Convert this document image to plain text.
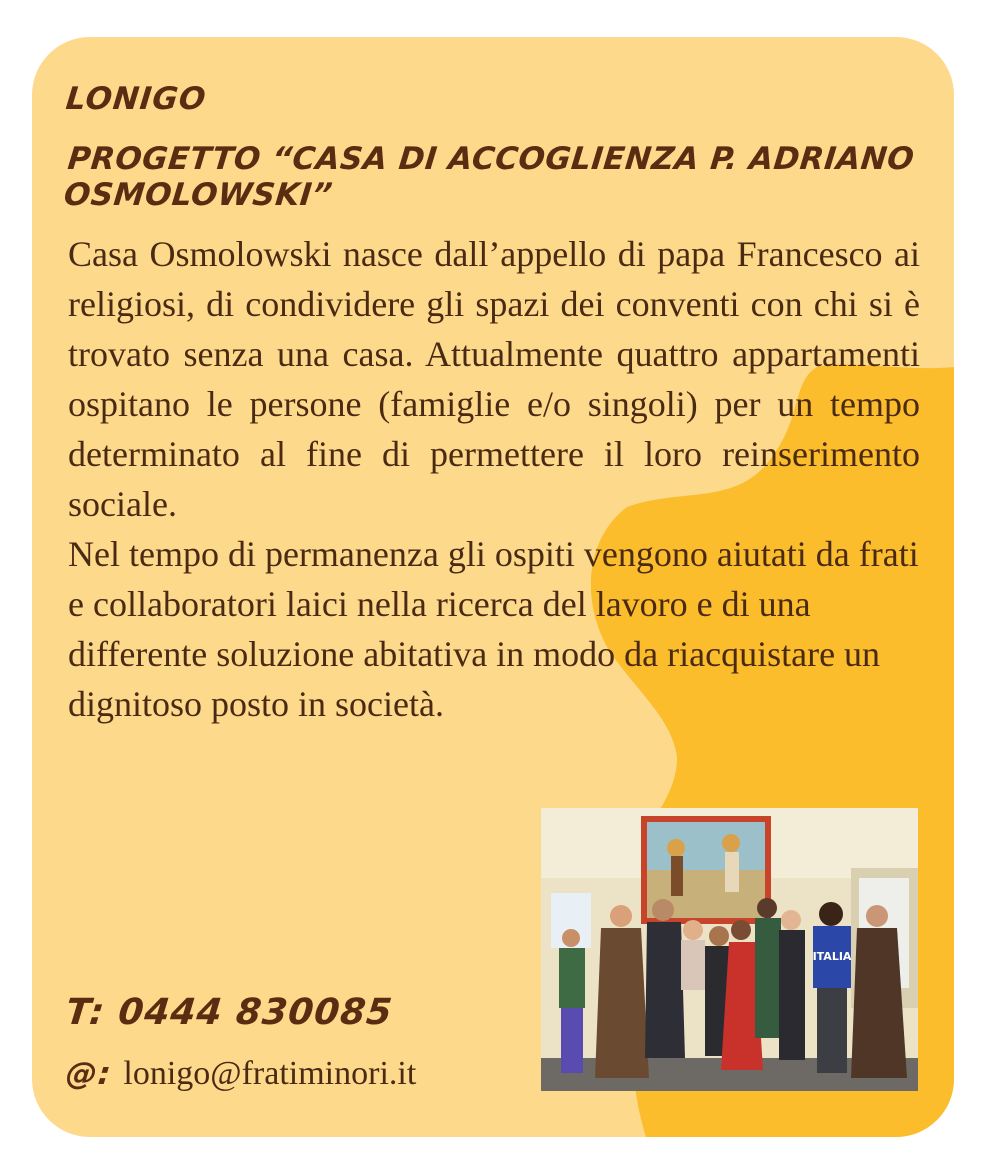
LONIGO
PROGETTO “CASA DI ACCOGLIENZA P. ADRIANO OSMOLOWSKI”

Casa Osmolowski nasce dall’appello di papa Francesco ai religiosi, di condividere gli spazi dei conventi con chi si è trovato senza una casa. Attualmente quattro appartamenti ospitano le persone (famiglie e/o singoli) per un tempo determinato al fine di permettere il loro reinserimento sociale.

Nel tempo di permanenza gli ospiti vengono aiutati da frati e collaboratori laici nella ricerca del lavoro e di una differente soluzione abitativa in modo da riacquistare un dignitoso posto in società.

ITALIA
T: 0444 830085
@: lonigo@fratiminori.it
